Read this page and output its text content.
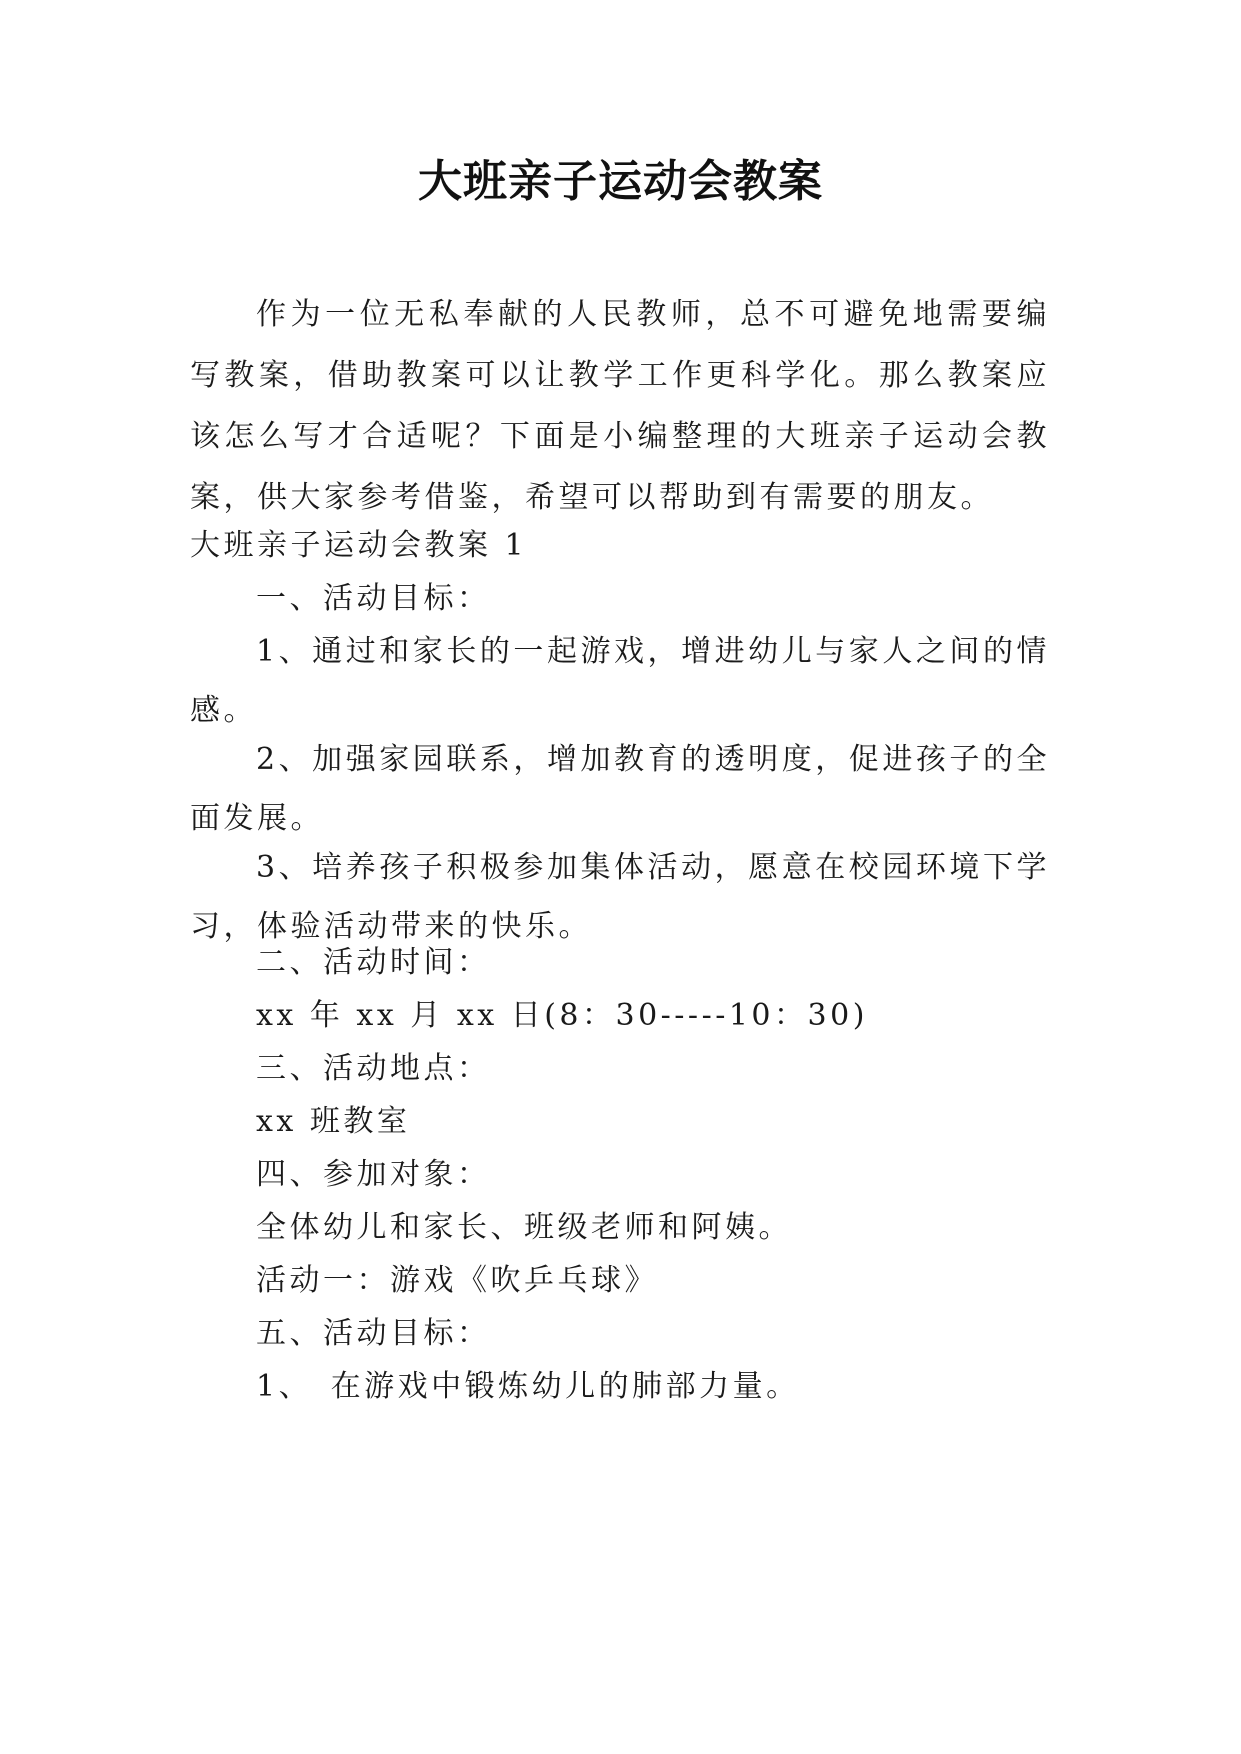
大班亲子运动会教案

作为一位无私奉献的人民教师，总不可避免地需要编写教案，借助教案可以让教学工作更科学化。那么教案应该怎么写才合适呢？下面是小编整理的大班亲子运动会教案，供大家参考借鉴，希望可以帮助到有需要的朋友。

大班亲子运动会教案 1

一、活动目标：

1、通过和家长的一起游戏，增进幼儿与家人之间的情感。

2、加强家园联系，增加教育的透明度，促进孩子的全面发展。

3、培养孩子积极参加集体活动，愿意在校园环境下学习，体验活动带来的快乐。

二、活动时间：

xx 年 xx 月 xx 日(8：30-----10：30)

三、活动地点：

xx 班教室

四、参加对象：

全体幼儿和家长、班级老师和阿姨。

活动一：游戏《吹乒乓球》

五、活动目标：

1、　在游戏中锻炼幼儿的肺部力量。
